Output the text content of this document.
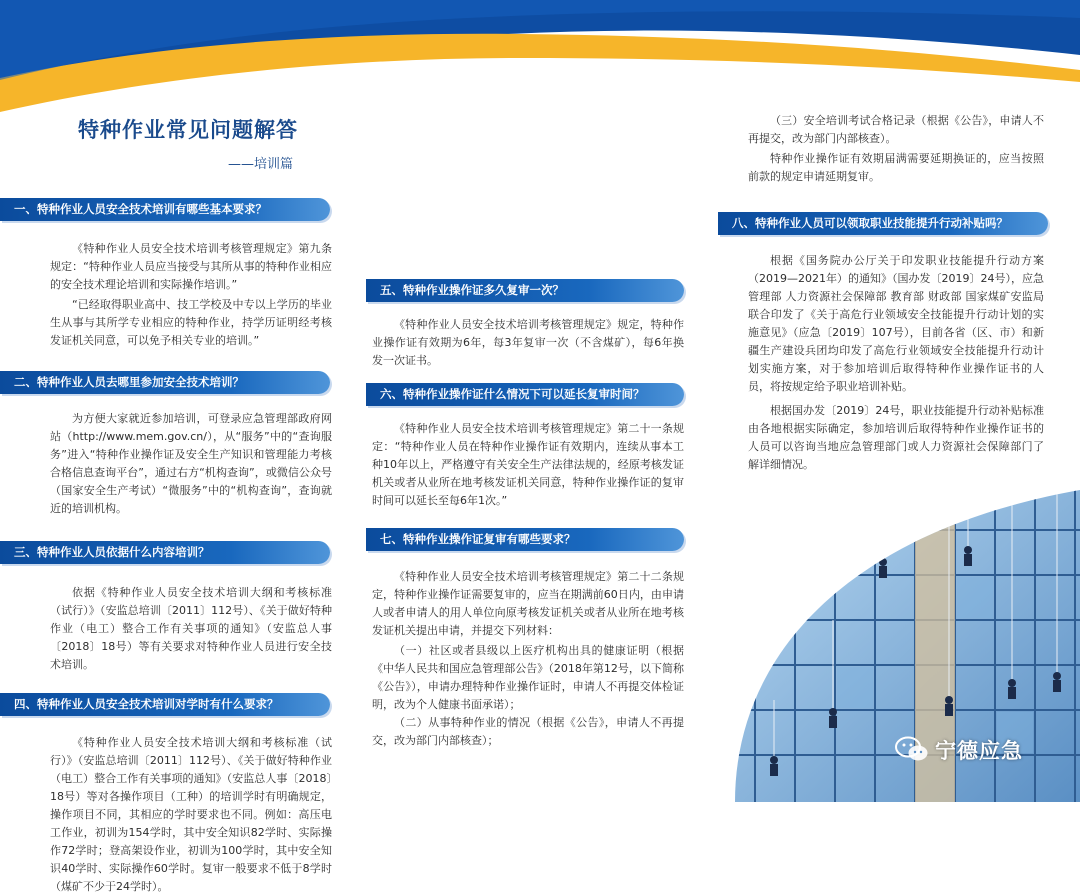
特种作业常见问题解答
——培训篇
一、特种作业人员安全技术培训有哪些基本要求？

《特种作业人员安全技术培训考核管理规定》第九条规定：“特种作业人员应当接受与其所从事的特种作业相应的安全技术理论培训和实际操作培训。”

“已经取得职业高中、技工学校及中专以上学历的毕业生从事与其所学专业相应的特种作业，持学历证明经考核发证机关同意，可以免予相关专业的培训。”

二、特种作业人员去哪里参加安全技术培训？

为方便大家就近参加培训，可登录应急管理部政府网站（http://www.mem.gov.cn/），从“服务”中的“查询服务”进入“特种作业操作证及安全生产知识和管理能力考核合格信息查询平台”，通过右方“机构查询”，或微信公众号（国家安全生产考试）“微服务”中的“机构查询”，查询就近的培训机构。

三、特种作业人员依据什么内容培训？

依据《特种作业人员安全技术培训大纲和考核标准（试行）》（安监总培训〔2011〕112号）、《关于做好特种作业（电工）整合工作有关事项的通知》（安监总人事〔2018〕18号）等有关要求对特种作业人员进行安全技术培训。

四、特种作业人员安全技术培训对学时有什么要求？

《特种作业人员安全技术培训大纲和考核标准（试行）》（安监总培训〔2011〕112号）、《关于做好特种作业（电工）整合工作有关事项的通知》（安监总人事〔2018〕18号）等对各操作项目（工种）的培训学时有明确规定，操作项目不同，其相应的学时要求也不同。例如：高压电工作业，初训为154学时，其中安全知识82学时、实际操作72学时；登高架设作业，初训为100学时，其中安全知识40学时、实际操作60学时。复审一般要求不低于8学时（煤矿不少于24学时）。

五、特种作业操作证多久复审一次？

《特种作业人员安全技术培训考核管理规定》规定，特种作业操作证有效期为6年，每3年复审一次（不含煤矿），每6年换发一次证书。

六、特种作业操作证什么情况下可以延长复审时间？

《特种作业人员安全技术培训考核管理规定》第二十一条规定：“特种作业人员在特种作业操作证有效期内，连续从事本工种10年以上，严格遵守有关安全生产法律法规的，经原考核发证机关或者从业所在地考核发证机关同意，特种作业操作证的复审时间可以延长至每6年1次。”

七、特种作业操作证复审有哪些要求？

《特种作业人员安全技术培训考核管理规定》第二十二条规定，特种作业操作证需要复审的，应当在期满前60日内，由申请人或者申请人的用人单位向原考核发证机关或者从业所在地考核发证机关提出申请，并提交下列材料：

（一）社区或者县级以上医疗机构出具的健康证明（根据《中华人民共和国应急管理部公告》（2018年第12号，以下简称《公告》），申请办理特种作业操作证时，申请人不再提交体检证明，改为个人健康书面承诺）；

（二）从事特种作业的情况（根据《公告》，申请人不再提交，改为部门内部核查）；

（三）安全培训考试合格记录（根据《公告》，申请人不再提交，改为部门内部核查）。

特种作业操作证有效期届满需要延期换证的，应当按照前款的规定申请延期复审。

八、特种作业人员可以领取职业技能提升行动补贴吗？

根据《国务院办公厅关于印发职业技能提升行动方案（2019—2021年）的通知》（国办发〔2019〕24号），应急管理部 人力资源社会保障部 教育部 财政部 国家煤矿安监局联合印发了《关于高危行业领域安全技能提升行动计划的实施意见》（应急〔2019〕107号），目前各省（区、市）和新疆生产建设兵团均印发了高危行业领域安全技能提升行动计划实施方案，对于参加培训后取得特种作业操作证书的人员，将按规定给予职业培训补贴。

根据国办发〔2019〕24号，职业技能提升行动补贴标准由各地根据实际确定，参加培训后取得特种作业操作证书的人员可以咨询当地应急管理部门或人力资源社会保障部门了解详细情况。

宁德应急
